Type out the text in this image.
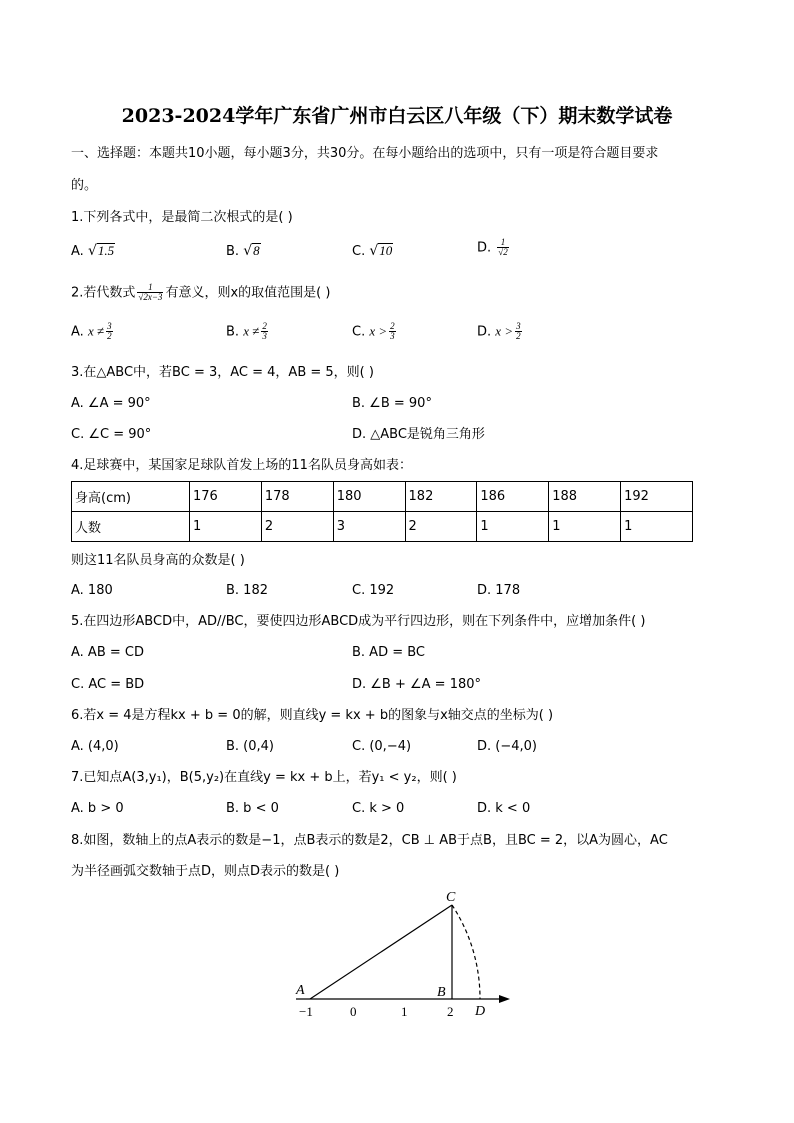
2023-2024学年广东省广州市白云区八年级（下）期末数学试卷
一、选择题：本题共10小题，每小题3分，共30分。在每小题给出的选项中，只有一项是符合题目要求
的。
1.下列各式中，是最简二次根式的是( )
A. √1.5	B. √8	C. √10	D. $\frac{1}{√2}$
2.若代数式 $\frac{1}{√2x-3}$ 有意义，则x的取值范围是( )
A. $x \ne \frac{3}{2}$	B. $x \ne \frac{2}{3}$	C. $x > \frac{2}{3}$	D. $x > \frac{3}{2}$
3.在△ABC中，若BC = 3，AC = 4，AB = 5，则( )
A. ∠A = 90°	B. ∠B = 90°
C. ∠C = 90°	D. △ABC是锐角三角形
4.足球赛中，某国家足球队首发上场的11名队员身高如表：
身高(cm)	176	178	180	182	186	188	192
人数	1	2	3	2	1	1	1
则这11名队员身高的众数是( )
A. 180	B. 182	C. 192	D. 178
5.在四边形ABCD中，AD//BC，要使四边形ABCD成为平行四边形，则在下列条件中，应增加条件( )
A. AB = CD	B. AD = BC
C. AC = BD	D. ∠B + ∠A = 180°
6.若x = 4是方程kx + b = 0的解，则直线y = kx + b的图象与x轴交点的坐标为( )
A. (4,0)	B. (0,4)	C. (0,−4)	D. (−4,0)
7.已知点A(3,y₁)，B(5,y₂)在直线y = kx + b上，若y₁ < y₂，则( )
A. b > 0	B. b < 0	C. k > 0	D. k < 0
8.如图，数轴上的点A表示的数是−1，点B表示的数是2，CB ⊥ AB于点B，且BC = 2，以A为圆心，AC
为半径画弧交数轴于点D，则点D表示的数是( )
A	B
C
D
−1	0	1	2
